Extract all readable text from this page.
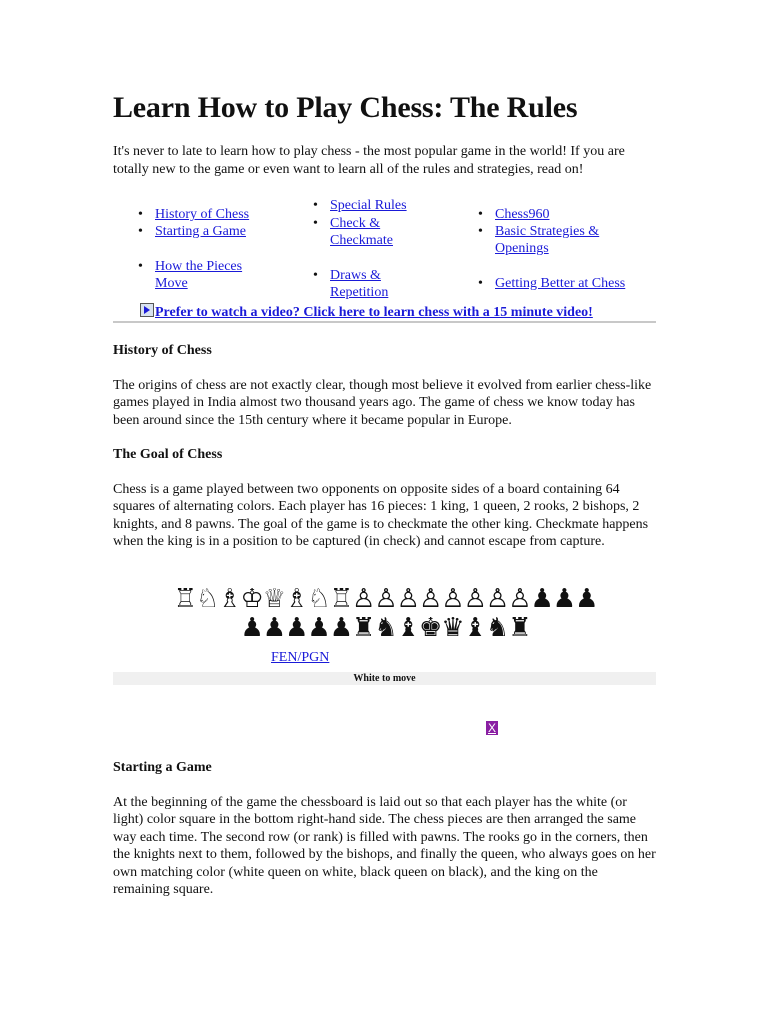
Learn How to Play Chess: The Rules

It's never to late to learn how to play chess - the most popular game in the world! If you are totally new to the game or even want to learn all of the rules and strategies, read on!

• History of Chess
• Starting a Game
• How the Pieces Move
• Special Rules
• Check & Checkmate
• Draws & Repetition
• Chess960
• Basic Strategies & Openings
• Getting Better at Chess
Prefer to watch a video? Click here to learn chess with a 15 minute video!
History of Chess

The origins of chess are not exactly clear, though most believe it evolved from earlier chess-like games played in India almost two thousand years ago. The game of chess we know today has been around since the 15th century where it became popular in Europe.

The Goal of Chess

Chess is a game played between two opponents on opposite sides of a board containing 64 squares of alternating colors. Each player has 16 pieces: 1 king, 1 queen, 2 rooks, 2 bishops, 2 knights, and 8 pawns. The goal of the game is to checkmate the other king. Checkmate happens when the king is in a position to be captured (in check) and cannot escape from capture.

♖♘♗♔♕♗♘♖♙♙♙♙♙♙♙♙♟♟♟
♟♟♟♟♟♜♞♝♚♛♝♞♜
FEN/PGN
White to move
X
Starting a Game

At the beginning of the game the chessboard is laid out so that each player has the white (or light) color square in the bottom right-hand side. The chess pieces are then arranged the same way each time. The second row (or rank) is filled with pawns. The rooks go in the corners, then the knights next to them, followed by the bishops, and finally the queen, who always goes on her own matching color (white queen on white, black queen on black), and the king on the remaining square.
